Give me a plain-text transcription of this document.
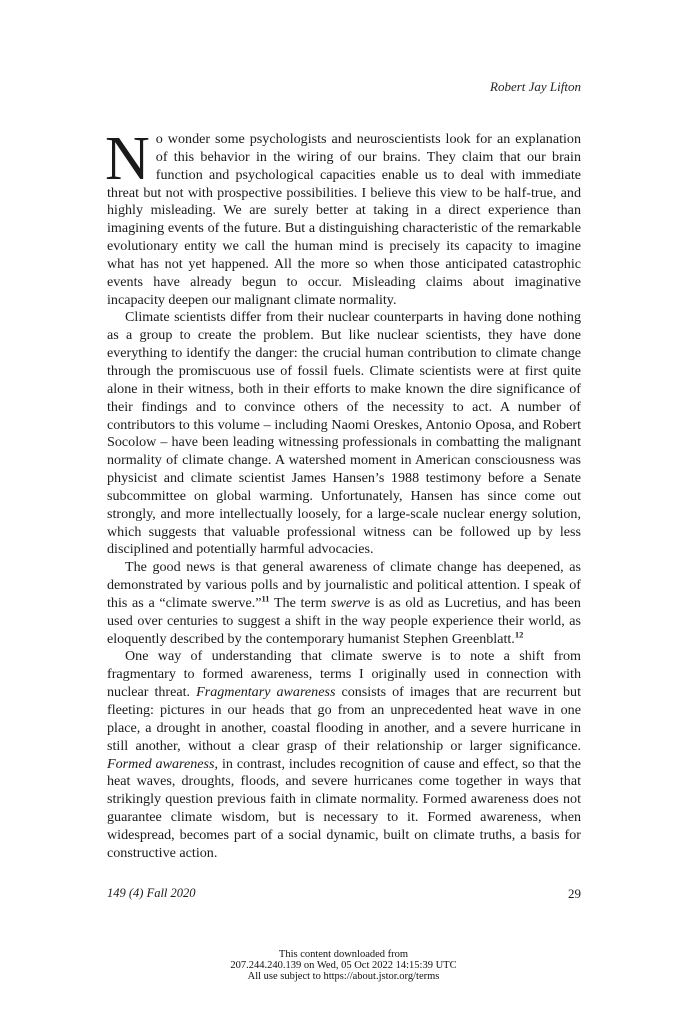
Robert Jay Lifton

No wonder some psychologists and neuroscientists look for an explanation of this behavior in the wiring of our brains. They claim that our brain function and psychological capacities enable us to deal with immediate threat but not with prospective possibilities. I believe this view to be half-true, and highly misleading. We are surely better at taking in a direct experience than imagining events of the future. But a distinguishing characteristic of the remarkable evolutionary entity we call the human mind is precisely its capacity to imagine what has not yet happened. All the more so when those anticipated catastrophic events have already begun to occur. Misleading claims about imaginative incapacity deepen our malignant climate normality.

Climate scientists differ from their nuclear counterparts in having done nothing as a group to create the problem. But like nuclear scientists, they have done everything to identify the danger: the crucial human contribution to climate change through the promiscuous use of fossil fuels. Climate scientists were at first quite alone in their witness, both in their efforts to make known the dire significance of their findings and to convince others of the necessity to act. A number of contributors to this volume – including Naomi Oreskes, Antonio Oposa, and Robert Socolow – have been leading witnessing professionals in combatting the malignant normality of climate change. A watershed moment in American consciousness was physicist and climate scientist James Hansen’s 1988 testimony before a Senate subcommittee on global warming. Unfortunately, Hansen has since come out strongly, and more intellectually loosely, for a large-scale nuclear energy solution, which suggests that valuable professional witness can be followed up by less disciplined and potentially harmful advocacies.

The good news is that general awareness of climate change has deepened, as demonstrated by various polls and by journalistic and political attention. I speak of this as a “climate swerve.”$^{11}$ The term swerve is as old as Lucretius, and has been used over centuries to suggest a shift in the way people experience their world, as eloquently described by the contemporary humanist Stephen Greenblatt.$^{12}$

One way of understanding that climate swerve is to note a shift from fragmentary to formed awareness, terms I originally used in connection with nuclear threat. Fragmentary awareness consists of images that are recurrent but fleeting: pictures in our heads that go from an unprecedented heat wave in one place, a drought in another, coastal flooding in another, and a severe hurricane in still another, without a clear grasp of their relationship or larger significance. Formed awareness, in contrast, includes recognition of cause and effect, so that the heat waves, droughts, floods, and severe hurricanes come together in ways that strikingly question previous faith in climate normality. Formed awareness does not guarantee climate wisdom, but is necessary to it. Formed awareness, when widespread, becomes part of a social dynamic, built on climate truths, a basis for constructive action.

149 (4) Fall 2020	29
This content downloaded from
207.244.240.139 on Wed, 05 Oct 2022 14:15:39 UTC
All use subject to https://about.jstor.org/terms
